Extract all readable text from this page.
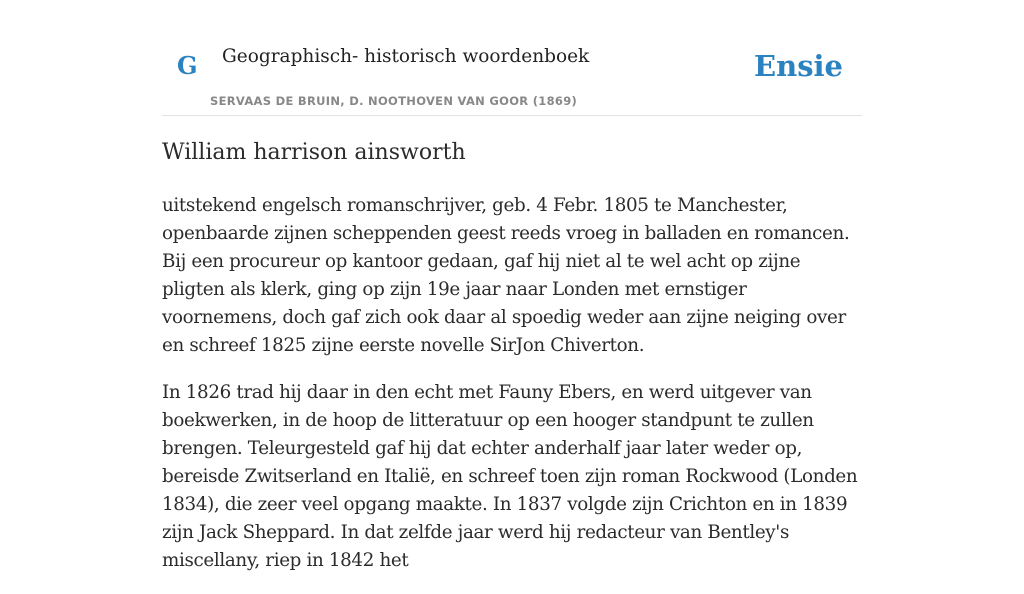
G Geographisch- historisch woordenboek
SERVAAS DE BRUIN, D. NOOTHOVEN VAN GOOR (1869)
Ensie
William harrison ainsworth

uitstekend engelsch romanschrijver, geb. 4 Febr. 1805 te Manchester, openbaarde zijnen scheppenden geest reeds vroeg in balladen en romancen. Bij een procureur op kantoor gedaan, gaf hij niet al te wel acht op zijne pligten als klerk, ging op zijn 19e jaar naar Londen met ernstiger voornemens, doch gaf zich ook daar al spoedig weder aan zijne neiging over en schreef 1825 zijne eerste novelle SirJon Chiverton.

In 1826 trad hij daar in den echt met Fauny Ebers, en werd uitgever van boekwerken, in de hoop de litteratuur op een hooger standpunt te zullen brengen. Teleurgesteld gaf hij dat echter anderhalf jaar later weder op, bereisde Zwitserland en Italië, en schreef toen zijn roman Rockwood (Londen 1834), die zeer veel opgang maakte. In 1837 volgde zijn Crichton en in 1839 zijn Jack Sheppard. In dat zelfde jaar werd hij redacteur van Bentley's miscellany, riep in 1842 het
